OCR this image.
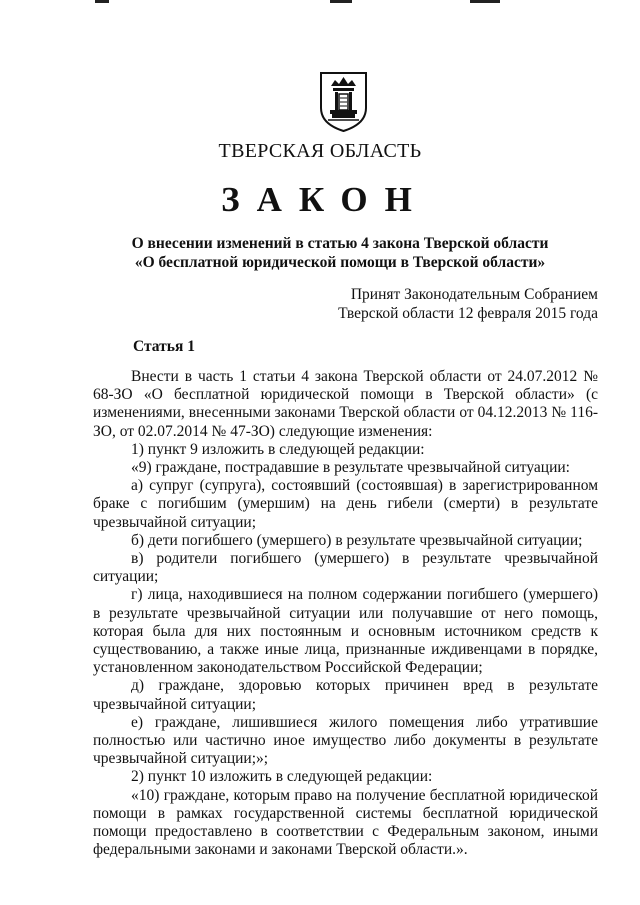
ТВЕРСКАЯ ОБЛАСТЬ
ЗАКОН
О внесении изменений в статью 4 закона Тверской области
«О бесплатной юридической помощи в Тверской области»
Принят Законодательным Собранием
Тверской области 12 февраля 2015 года
Статья 1

Внести в часть 1 статьи 4 закона Тверской области от 24.07.2012 № 68-ЗО «О бесплатной юридической помощи в Тверской области» (с изменениями, внесенными законами Тверской области от 04.12.2013 № 116-ЗО, от 02.07.2014 № 47-ЗО) следующие изменения:

1) пункт 9 изложить в следующей редакции:

«9) граждане, пострадавшие в результате чрезвычайной ситуации:

а) супруг (супруга), состоявший (состоявшая) в зарегистрированном браке с погибшим (умершим) на день гибели (смерти) в результате чрезвычайной ситуации;

б) дети погибшего (умершего) в результате чрезвычайной ситуации;

в) родители погибшего (умершего) в результате чрезвычайной ситуации;

г) лица, находившиеся на полном содержании погибшего (умершего) в результате чрезвычайной ситуации или получавшие от него помощь, которая была для них постоянным и основным источником средств к существованию, а также иные лица, признанные иждивенцами в порядке, установленном законодательством Российской Федерации;

д) граждане, здоровью которых причинен вред в результате чрезвычайной ситуации;

е) граждане, лишившиеся жилого помещения либо утратившие полностью или частично иное имущество либо документы в результате чрезвычайной ситуации;»;

2) пункт 10 изложить в следующей редакции:

«10) граждане, которым право на получение бесплатной юридической помощи в рамках государственной системы бесплатной юридической помощи предоставлено в соответствии с Федеральным законом, иными федеральными законами и законами Тверской области.».
